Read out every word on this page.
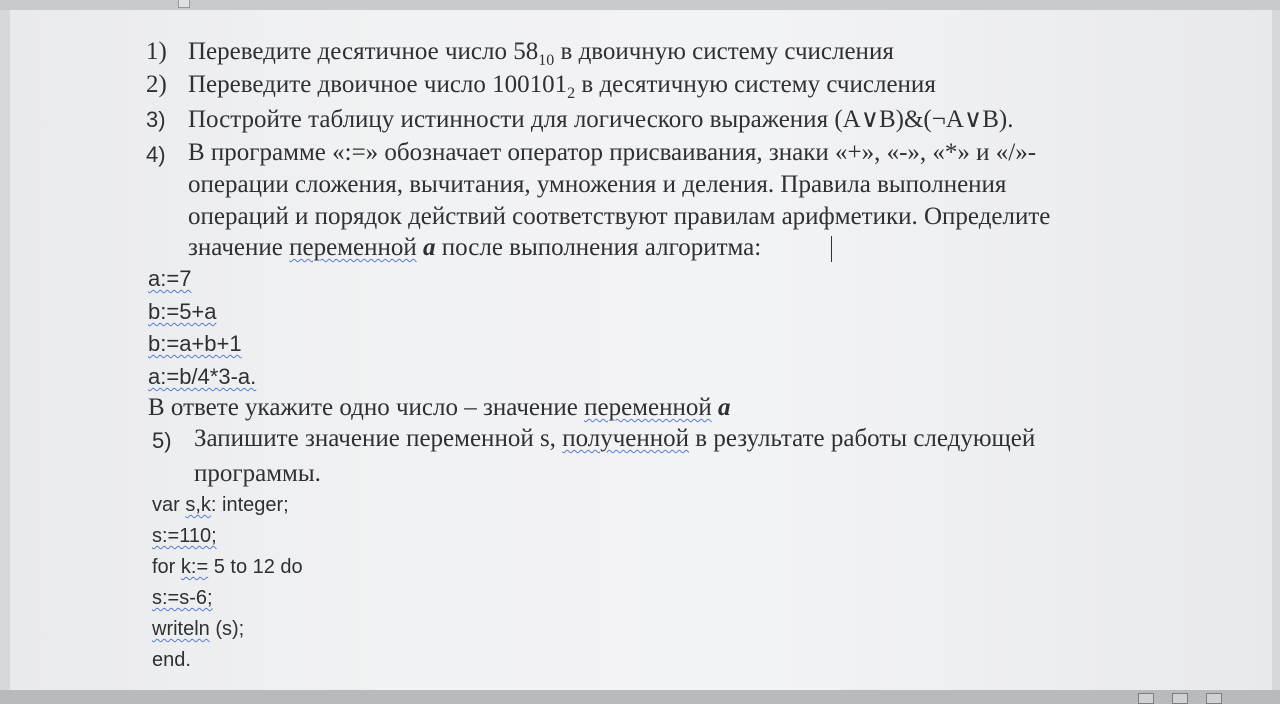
1) Переведите десятичное число $58_{10}$ в двоичную систему счисления
2) Переведите двоичное число $100101_2$ в десятичную систему счисления
3) Постройте таблицу истинности для логического выражения (A∨B)&(¬A∨B).
4) В программе «:=» обозначает оператор присваивания, знаки «+», «-», «*» и «/»-
операции сложения, вычитания, умножения и деления. Правила выполнения
операций и порядок действий соответствуют правилам арифметики. Определите
значение переменной a после выполнения алгоритма:
a:=7
b:=5+a
b:=a+b+1
a:=b/4*3-a.
В ответе укажите одно число – значение переменной a
5) Запишите значение переменной s, полученной в результате работы следующей
программы.
var s,k: integer;
s:=110;
for k:= 5 to 12 do
s:=s-6;
writeln (s);
end.
